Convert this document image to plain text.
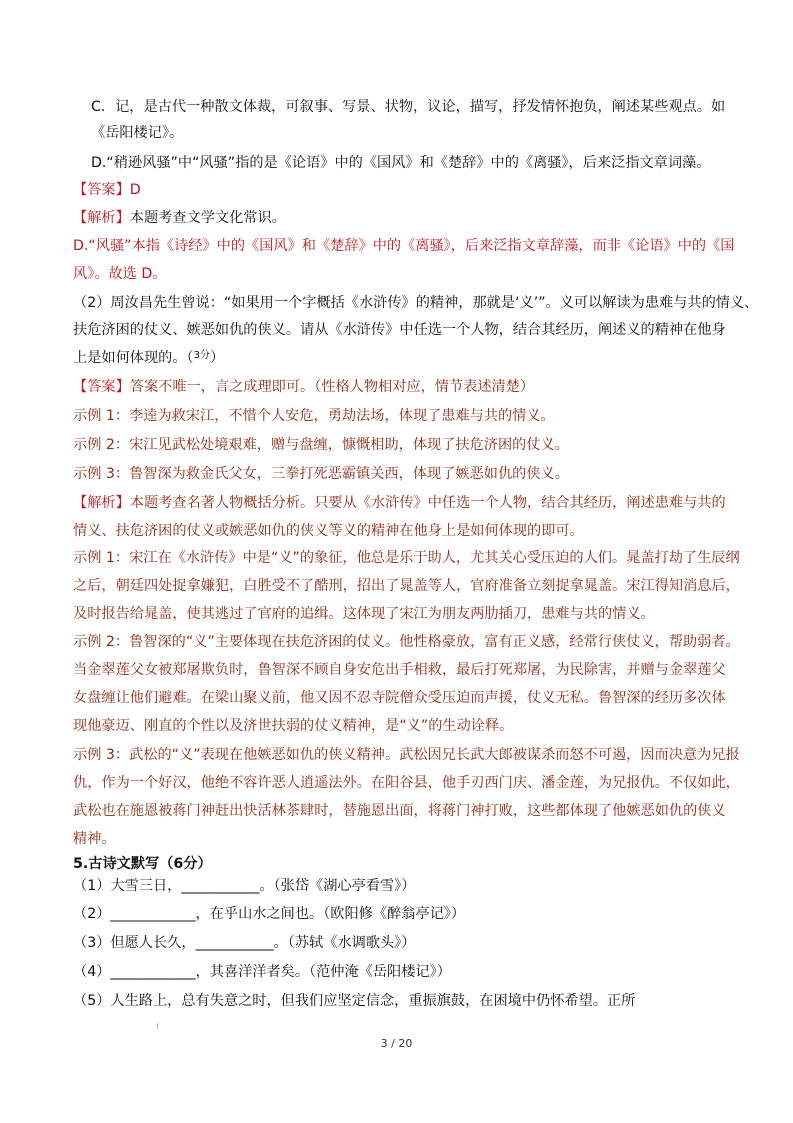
C．记，是古代一种散文体裁，可叙事、写景、状物，议论，描写，抒发情怀抱负，阐述某些观点。如
《岳阳楼记》。
D.“稍逊风骚”中“风骚”指的是《论语》中的《国风》和《楚辞》中的《离骚》，后来泛指文章词藻。
【答案】D
【解析】本题考查文学文化常识。
D.“风骚”本指《诗经》中的《国风》和《楚辞》中的《离骚》，后来泛指文章辞藻，而非《论语》中的《国
风》。故选 D。
（2）周汝昌先生曾说：“如果用一个字概括《水浒传》的精神，那就是‘义’”。义可以解读为患难与共的情义、
扶危济困的仗义、嫉恶如仇的侠义。请从《水浒传》中任选一个人物，结合其经历，阐述义的精神在他身
上是如何体现的。（$^{3分}$）
【答案】答案不唯一，言之成理即可。（性格人物相对应，情节表述清楚）
示例 1：李逵为救宋江，不惜个人安危，勇劫法场，体现了患难与共的情义。
示例 2：宋江见武松处境艰难，赠与盘缠，慷慨相助，体现了扶危济困的仗义。
示例 3：鲁智深为救金氏父女，三拳打死恶霸镇关西，体现了嫉恶如仇的侠义。
【解析】本题考查名著人物概括分析。只要从《水浒传》中任选一个人物，结合其经历，阐述患难与共的
情义、扶危济困的仗义或嫉恶如仇的侠义等义的精神在他身上是如何体现的即可。
示例 1：宋江在《水浒传》中是“义”的象征，他总是乐于助人，尤其关心受压迫的人们。晁盖打劫了生辰纲
之后，朝廷四处捉拿嫌犯，白胜受不了酷刑，招出了晁盖等人，官府准备立刻捉拿晁盖。宋江得知消息后，
及时报告给晁盖，使其逃过了官府的追缉。这体现了宋江为朋友两肋插刀，患难与共的情义。
示例 2：鲁智深的“义”主要体现在扶危济困的仗义。他性格豪放，富有正义感，经常行侠仗义，帮助弱者。
当金翠莲父女被郑屠欺负时，鲁智深不顾自身安危出手相救，最后打死郑屠，为民除害，并赠与金翠莲父
女盘缠让他们避难。在梁山聚义前，他又因不忍寺院僧众受压迫而声援，仗义无私。鲁智深的经历多次体
现他豪迈、刚直的个性以及济世扶弱的仗义精神，是“义”的生动诠释。
示例 3：武松的“义”表现在他嫉恶如仇的侠义精神。武松因兄长武大郎被谋杀而怒不可遏，因而决意为兄报
仇，作为一个好汉，他绝不容许恶人逍遥法外。在阳谷县，他手刃西门庆、潘金莲，为兄报仇。不仅如此，
武松也在施恩被蒋门神赶出快活林茶肆时，替施恩出面，将蒋门神打败，这些都体现了他嫉恶如仇的侠义
精神。
5.古诗文默写（6分）
（1）大雪三日，___________。（张岱《湖心亭看雪》）
（2）____________，在乎山水之间也。（欧阳修《醉翁亭记》）
（3）但愿人长久，___________。（苏轼《水调歌头》）
（4）____________，其喜洋洋者矣。（范仲淹《岳阳楼记》）
（5）人生路上，总有失意之时，但我们应坚定信念，重振旗鼓，在困境中仍怀希望。正所
3 / 20
